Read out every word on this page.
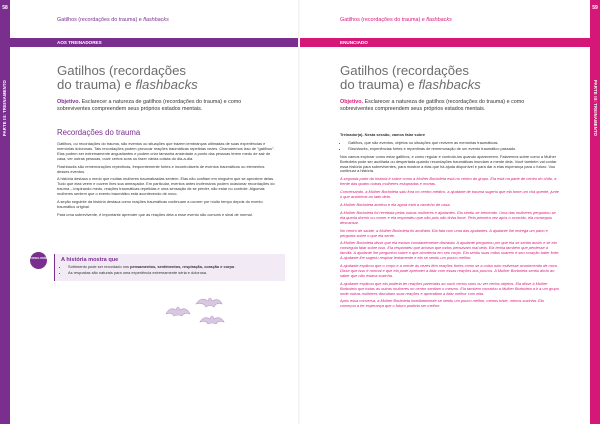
58
PARTE III: TREINAMENTO
Gatilhos (recordações do trauma) e flashbacks
AOS TREINADORES
Gatilhos (recordações
do trauma) e flashbacks
Objetivo. Esclarecer a natureza de gatilhos (recordações do trauma) e como sobreviventes compreendem seus próprios estados mentais.
Recordações do trauma

Gatilhos, ou recordações do trauma, são eventos ou situações que trazem lembranças ultimadas de suas experiências e memórias dolorosas. Tais recordações podem provocar reações traumáticas repetidas vezes. Chamaremos isso de "gatilhos". Elas podem ser extremamente angustiantes e podem criar tamanha ansiedade a ponto das pessoas terem medo de sair de casa, ver outras pessoas, ouvir certos sons ou fazer várias coisas do dia-a-dia.

Flashbacks são rememorações repentinas, frequentemente fortes e incontroláveis de eventos traumáticos ou elementos desses eventos.

A história destaca o medo que muitas mulheres traumatizadas sentem. Elas não confiam em ninguém que se aproxime delas. Tudo que elas veem e ouvem lhes soa ameaçador. Em particular, eventos antes inofensivos podem ocasionar recordações do trauma – inspirando medo, reações traumáticas repetidas e uma sensação de se perder, não estar no controle. Algumas mulheres sentem que o evento traumático está acontecendo de novo.

A seção seguinte da história destaca como reações traumáticas continuam a ocorrer por muito tempo depois do evento traumático original.

Para uma sobrevivente, é importante aprender que as reações dela a esse evento são comuns e sinal de normal.

CONCLUSÕES A história mostra que
• Sofrimento pode ser recordado nos pensamentos, sentimentos, respiração, coração e corpo.
• As respostas são naturais para uma experiência extremamente séria e dolorosa.
59
PARTE III: TREINAMENTO
Gatilhos (recordações do trauma) e flashbacks
ENUNCIADO
Gatilhos (recordações
do trauma) e flashbacks
Objetivo. Esclarecer a natureza de gatilhos (recordações do trauma) e como sobreviventes compreendem seus próprios estados mentais.

Treinador(a). Nesta sessão, vamos falar sobre

• Gatilhos, que são eventos, objetos ou situações que revivem as memórias traumáticas.
• Flashbacks, experiências fortes e repentinas de rememoração de um evento traumático passado.

Nós vamos explorar como estar gatilhos, e como regular e controlá-los quando aparecerem. Falaremos sobre como a Mulher Borboleta pode ser auxiliada ou despertada quando recordações traumáticas inundam a mente dela. Você também vai contar essa história para sobreviventes, para mostrar a elas que há ajuda disponível e para dar a elas esperança para o futuro. Vou continuar a história.

A segunda parte da história é sobre como a Mulher Borboleta está no centro do grupo. Ela está na parte de centro do chão, a frente das quatro outras mulheres estupradas e mortas.

Conversando, a Mulher Borboleta saiu fora no centro médico, a ajudante de trauma sugeriu que ela tome um chá quente, junte o que acontecia ao lado dela.

A Mulher Borboleta aceitou e ela agora está a caminho de casa.

A Mulher Borboleta foi recebida pelas outras mulheres e ajudantes. Ela sentiu-se tremendo. Uma das mulheres perguntou se ela queria dormir ou comer e ela respondeu que não pois não tinha fome. Pela primeira vez após o ocorrido, ela conseguiu descansar.

No centro de saúde, a Mulher Borboleta foi acolhida. Ela fala com uma das ajudantes. A ajudante lhe entrega um pano e pergunta sobre o que ela sente.

A Mulher Borboleta disse que ela estava constantemente distraída. A ajudante perguntou por que ela se sentia assim e se ela conseguia falar sobre isso. Ela respondeu que achava que todos pensavam mal dela. Ela temia também que perdesse a família. A ajudante lhe perguntou sobre o que acontecia em seu corpo. Ela sentiu suas mãos suarem e seu coração bater forte. A ajudante lhe sugeriu respirar lentamente e ela se sentiu um pouco melhor.

A ajudante explicou que o corpo e a mente às vezes têm reações fortes como se a coisa ruim estivesse acontecendo de novo. Disse que isso é normal e que ela pode aprender a lidar com essas reações aos poucos. A Mulher Borboleta sentiu alívio ao saber que não estava sozinha.

A ajudante explicou que ela poderia ter reações parecidas ao ouvir certos sons ou ver certos objetos. Ela disse à Mulher Borboleta que todas as outras mulheres no centro sentiam o mesmo. Ela também convidou a Mulher Borboleta a ir a um grupo onde outras mulheres discutiam suas reações e aprendiam a lidar melhor com elas.

Após essa conversa, a Mulher Borboleta imediatamente se sentiu um pouco melhor, menos triste, menos sozinha. Ela começou a ter esperança que o futuro poderia ser melhor.
